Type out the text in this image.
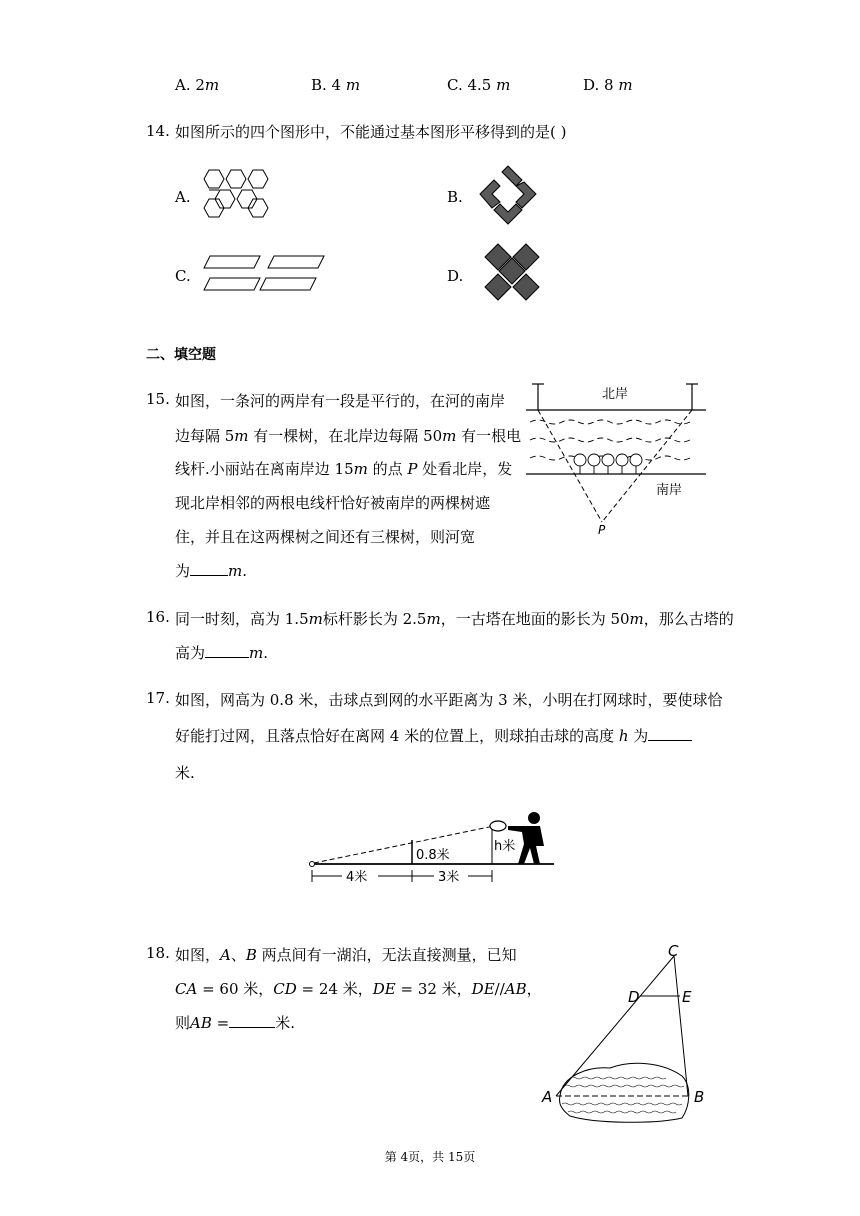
A. 2𝑚	B. 4 𝑚	C. 4.5 𝑚	D. 8 𝑚
14. 如图所示的四个图形中，不能通过基本图形平移得到的是( )
A.	B.
C.	D.
二、填空题
15. 如图，一条河的两岸有一段是平行的，在河的南岸
边每隔 5𝑚 有一棵树，在北岸边每隔 50𝑚 有一根电
线杆.小丽站在离南岸边 15𝑚 的点 𝑃 处看北岸，发
现北岸相邻的两根电线杆恰好被南岸的两棵树遮
住，并且在这两棵树之间还有三棵树，则河宽
为	𝑚.
北岸
南岸
P
16. 同一时刻，高为 1.5𝑚标杆影长为 2.5𝑚，一古塔在地面的影长为 50𝑚，那么古塔的
高为	𝑚.
17. 如图，网高为 0.8 米，击球点到网的水平距离为 3 米，小明在打网球时，要使球恰
好能打过网，且落点恰好在离网 4 米的位置上，则球拍击球的高度 ℎ 为
米.
0.8米
h米
4米	3米
18. 如图，𝐴、𝐵 两点间有一湖泊，无法直接测量，已知
𝐶𝐴 = 60 米，𝐶𝐷 = 24 米，𝐷𝐸 = 32 米，𝐷𝐸//𝐴𝐵，
则𝐴𝐵 =	米.
C
D	E
A	B
第 4页，共 15页
